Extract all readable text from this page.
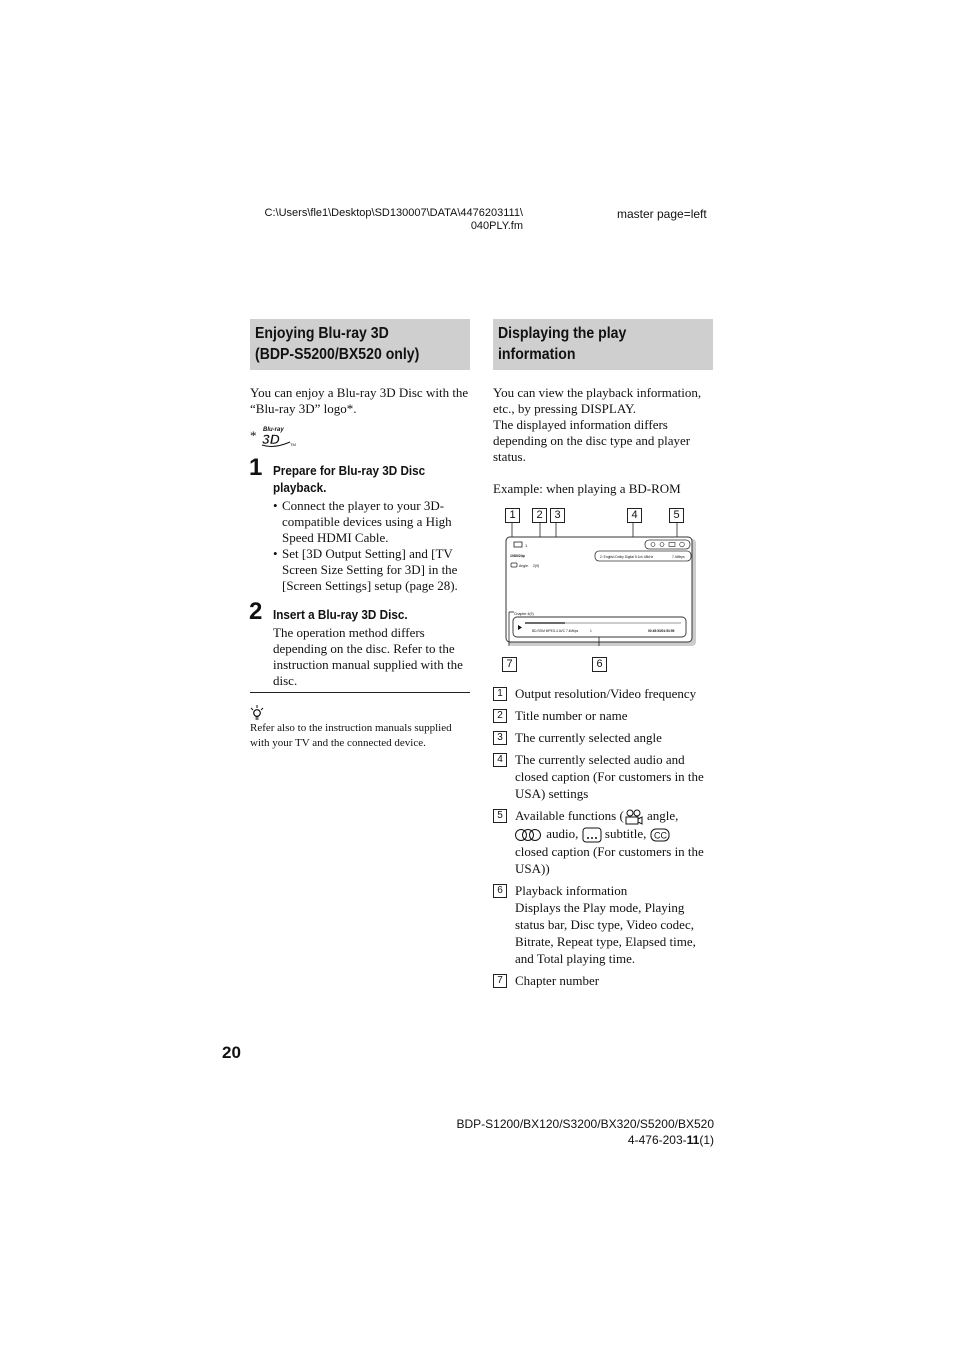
C:\Users\fle1\Desktop\SD130007\DATA\4476203111\
040PLY.fm
master page=left
Enjoying Blu-ray 3D
(BDP-S5200/BX520 only)
You can enjoy a Blu-ray 3D Disc with the “Blu-ray 3D” logo*.
* Blu-ray
3D	TM
1 Prepare for Blu-ray 3D Disc playback.
• Connect the player to your 3D-compatible devices using a High Speed HDMI Cable.
• Set [3D Output Setting] and [TV Screen Size Setting for 3D] in the [Screen Settings] setup (page 28).
2 Insert a Blu-ray 3D Disc.
The operation method differs depending on the disc. Refer to the instruction manual supplied with the disc.
Refer also to the instruction manuals supplied with your TV and the connected device.
Displaying the play
information
You can view the playback information, etc., by pressing DISPLAY.
The displayed information differs depending on the disc type and player status.
Example: when playing a BD-ROM
1	2	3	4	5
1
1080/24p
Angle 2(9)
2: English Dolby Digital 5.1ch 48kHz	7.4Mbps
Chapter 4(9)
BD-ROM MPEG-4 AVC 7.4Mbps	1	00:45:53/01:53:59
7	6
1 Output resolution/Video frequency
2 Title number or name
3 The currently selected angle
4 The currently selected audio and closed caption (For customers in the USA) settings
5 Available functions ( angle,
audio,  subtitle, CC

closed caption (For customers in the USA))
6 Playback information
Displays the Play mode, Playing status bar, Disc type, Video codec, Bitrate, Repeat type, Elapsed time, and Total playing time.
7 Chapter number
20
BDP-S1200/BX120/S3200/BX320/S5200/BX520
4-476-203-11(1)
